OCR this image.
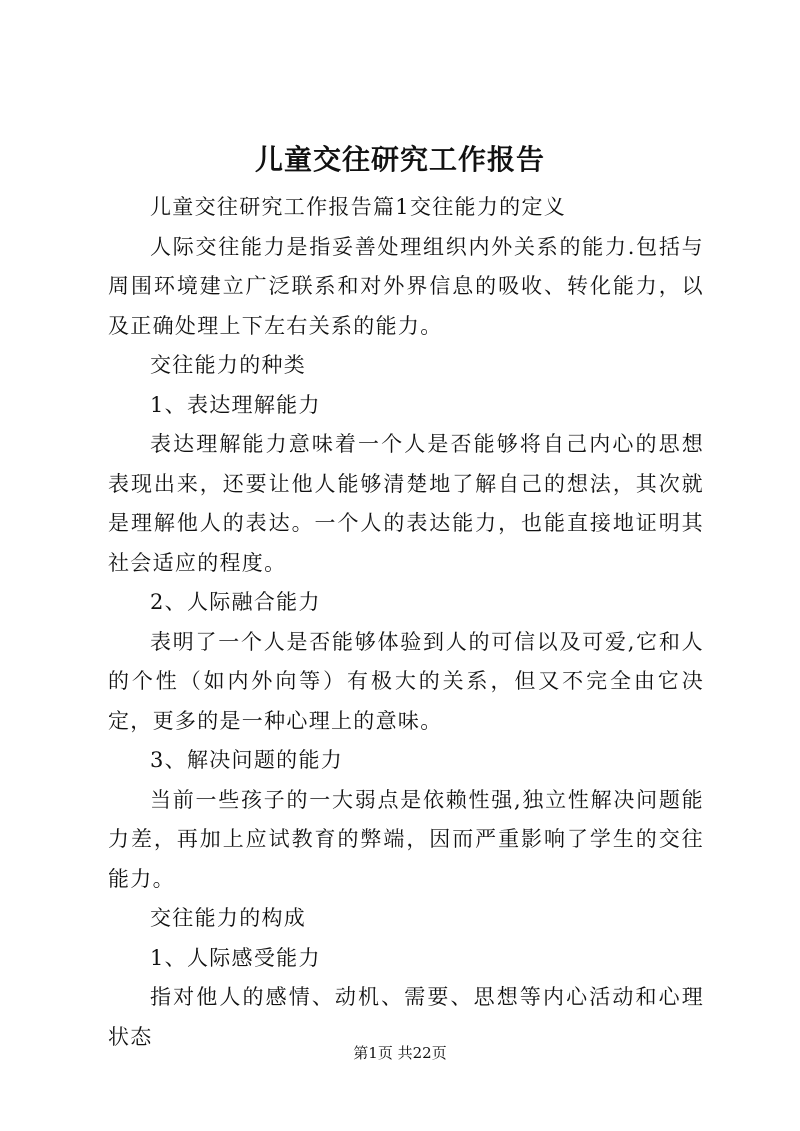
儿童交往研究工作报告

儿童交往研究工作报告篇1交往能力的定义

人际交往能力是指妥善处理组织内外关系的能力.包括与周围环境建立广泛联系和对外界信息的吸收、转化能力，以及正确处理上下左右关系的能力。

交往能力的种类

1、表达理解能力

表达理解能力意味着一个人是否能够将自己内心的思想表现出来，还要让他人能够清楚地了解自己的想法，其次就是理解他人的表达。一个人的表达能力，也能直接地证明其社会适应的程度。

2、人际融合能力

表明了一个人是否能够体验到人的可信以及可爱,它和人的个性（如内外向等）有极大的关系，但又不完全由它决定，更多的是一种心理上的意味。

3、解决问题的能力

当前一些孩子的一大弱点是依赖性强,独立性解决问题能力差，再加上应试教育的弊端，因而严重影响了学生的交往能力。

交往能力的构成

1、人际感受能力

指对他人的感情、动机、需要、思想等内心活动和心理状态

第1页 共22页
